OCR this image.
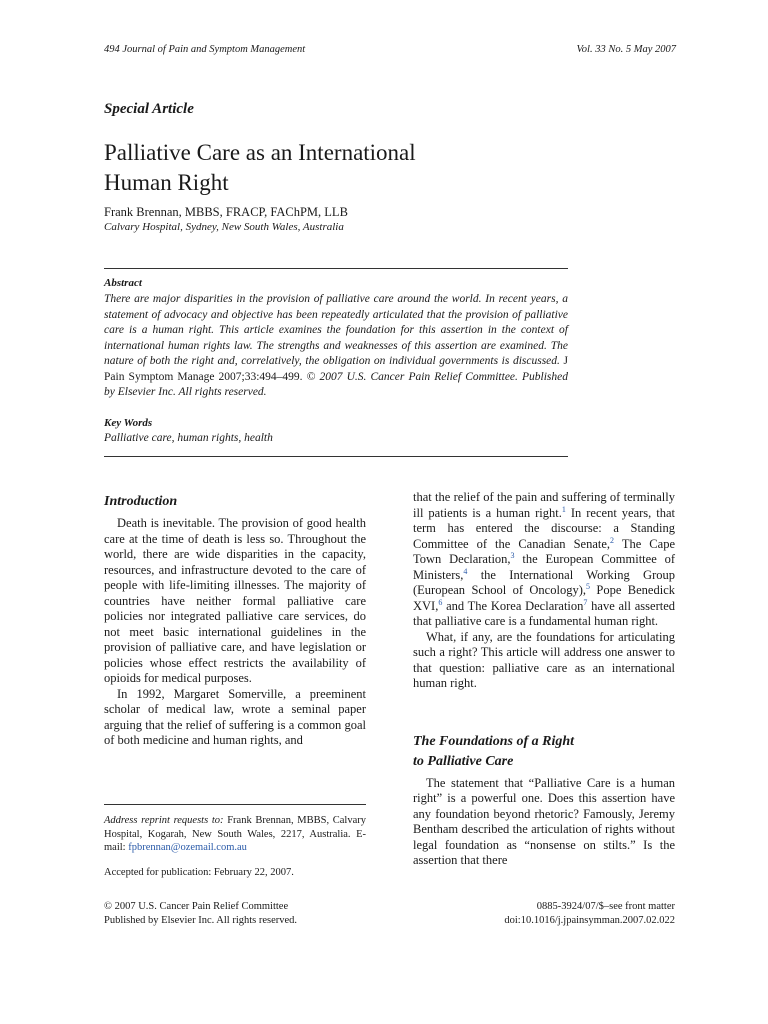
494 Journal of Pain and Symptom Management	Vol. 33 No. 5 May 2007
Special Article
Palliative Care as an International
Human Right
Frank Brennan, MBBS, FRACP, FAChPM, LLB
Calvary Hospital, Sydney, New South Wales, Australia
Abstract
There are major disparities in the provision of palliative care around the world. In recent years, a statement of advocacy and objective has been repeatedly articulated that the provision of palliative care is a human right. This article examines the foundation for this assertion in the context of international human rights law. The strengths and weaknesses of this assertion are examined. The nature of both the right and, correlatively, the obligation on individual governments is discussed. J Pain Symptom Manage 2007;33:494–499. © 2007 U.S. Cancer Pain Relief Committee. Published by Elsevier Inc. All rights reserved.
Key Words
Palliative care, human rights, health
Introduction

Death is inevitable. The provision of good health care at the time of death is less so. Throughout the world, there are wide disparities in the capacity, resources, and infrastructure devoted to the care of people with life-limiting illnesses. The majority of countries have neither formal palliative care policies nor integrated palliative care services, do not meet basic international guidelines in the provision of palliative care, and have legislation or policies whose effect restricts the availability of opioids for medical purposes.

In 1992, Margaret Somerville, a preeminent scholar of medical law, wrote a seminal paper arguing that the relief of suffering is a common goal of both medicine and human rights, and

Address reprint requests to: Frank Brennan, MBBS, Calvary Hospital, Kogarah, New South Wales, 2217, Australia. E-mail: fpbrennan@ozemail.com.au
Accepted for publication: February 22, 2007.

that the relief of the pain and suffering of terminally ill patients is a human right.$^1$ In recent years, that term has entered the discourse: a Standing Committee of the Canadian Senate,$^2$ The Cape Town Declaration,$^3$ the European Committee of Ministers,$^4$ the International Working Group (European School of Oncology),$^5$ Pope Benedick XVI,$^6$ and The Korea Declaration$^7$ have all asserted that palliative care is a fundamental human right.

What, if any, are the foundations for articulating such a right? This article will address one answer to that question: palliative care as an international human right.

The Foundations of a Right
to Palliative Care

The statement that “Palliative Care is a human right” is a powerful one. Does this assertion have any foundation beyond rhetoric? Famously, Jeremy Bentham described the articulation of rights without legal foundation as “nonsense on stilts.” Is the assertion that there

© 2007 U.S. Cancer Pain Relief Committee
Published by Elsevier Inc. All rights reserved.
0885-3924/07/$–see front matter
doi:10.1016/j.jpainsymman.2007.02.022
